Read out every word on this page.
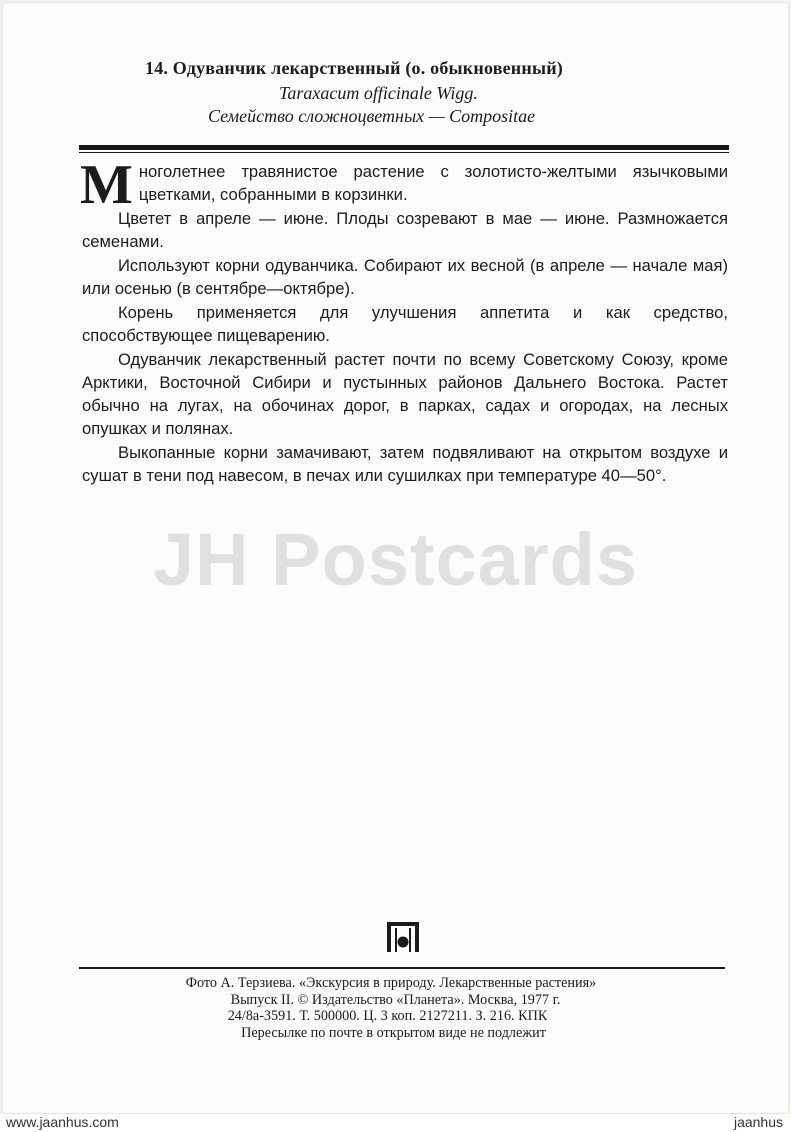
14. Одуванчик лекарственный (о. обыкновенный)
Taraxacum officinale Wigg.
Семейство сложноцветных — Compositae

Многолетнее травянистое растение с золотисто-желтыми язычковыми цветками, собранными в корзинки.

Цветет в апреле — июне. Плоды созревают в мае — июне. Размножается семенами.

Используют корни одуванчика. Собирают их весной (в апреле — начале мая) или осенью (в сентябре—октябре).

Корень применяется для улучшения аппетита и как средство, способствующее пищеварению.

Одуванчик лекарственный растет почти по всему Советскому Союзу, кроме Арктики, Восточной Сибири и пустынных районов Дальнего Востока. Растет обычно на лугах, на обочинах дорог, в парках, садах и огородах, на лесных опушках и полянах.

Выкопанные корни замачивают, затем подвяливают на открытом воздухе и сушат в тени под навесом, в печах или сушилках при температуре 40—50°.

JH Postcards
Фото А. Терзиева. «Экскурсия в природу. Лекарственные растения»
Выпуск II. © Издательство «Планета». Москва, 1977 г.
24/8а-3591. Т. 500000. Ц. 3 коп. 2127211. З. 216. КПК
Пересылке по почте в открытом виде не подлежит
www.jaanhus.com	jaanhus
